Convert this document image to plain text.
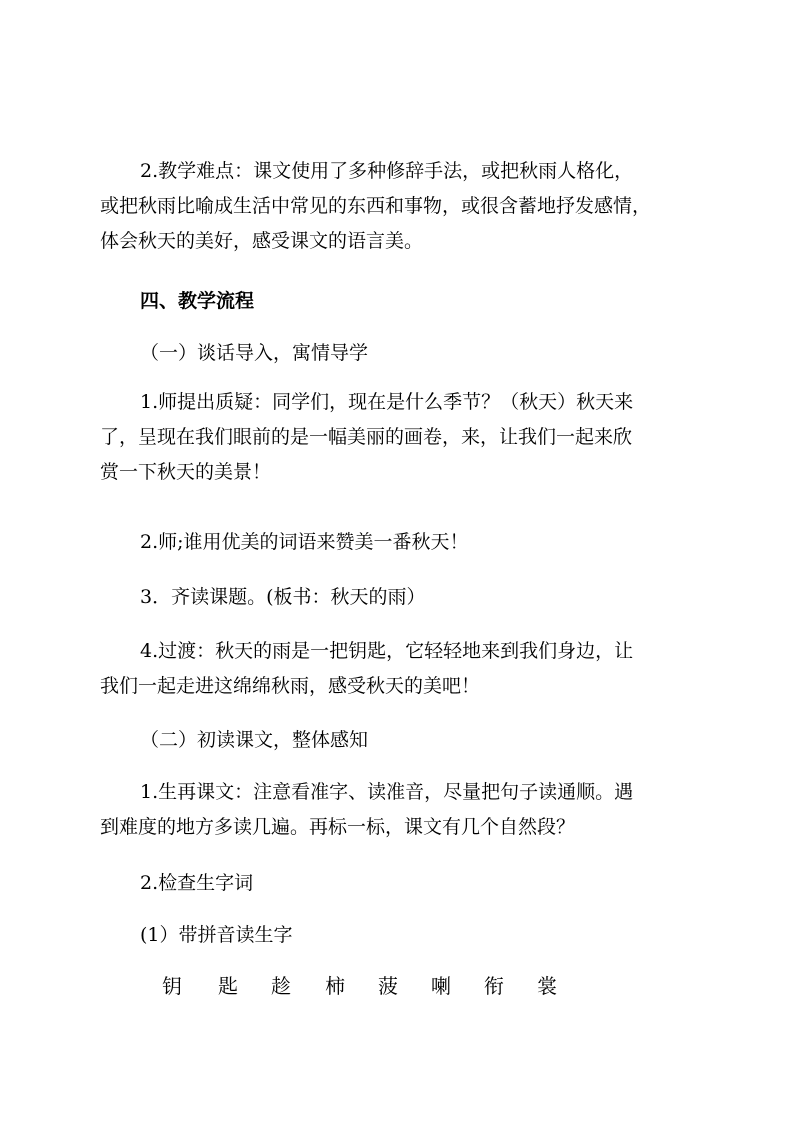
2.教学难点：课文使用了多种修辞手法，或把秋雨人格化，
或把秋雨比喻成生活中常见的东西和事物，或很含蓄地抒发感情，
体会秋天的美好，感受课文的语言美。

四、教学流程

（一）谈话导入，寓情导学

1.师提出质疑：同学们，现在是什么季节？（秋天）秋天来
了，呈现在我们眼前的是一幅美丽的画卷，来，让我们一起来欣
赏一下秋天的美景！

2.师;谁用优美的词语来赞美一番秋天！

3．齐读课题。(板书：秋天的雨）

4.过渡：秋天的雨是一把钥匙，它轻轻地来到我们身边，让
我们一起走进这绵绵秋雨，感受秋天的美吧！

（二）初读课文，整体感知

1.生再课文：注意看准字、读准音，尽量把句子读通顺。遇
到难度的地方多读几遍。再标一标，课文有几个自然段？

2.检查生字词

(1）带拼音读生字

钥 匙 趁 柿 菠 喇 衔 裳
